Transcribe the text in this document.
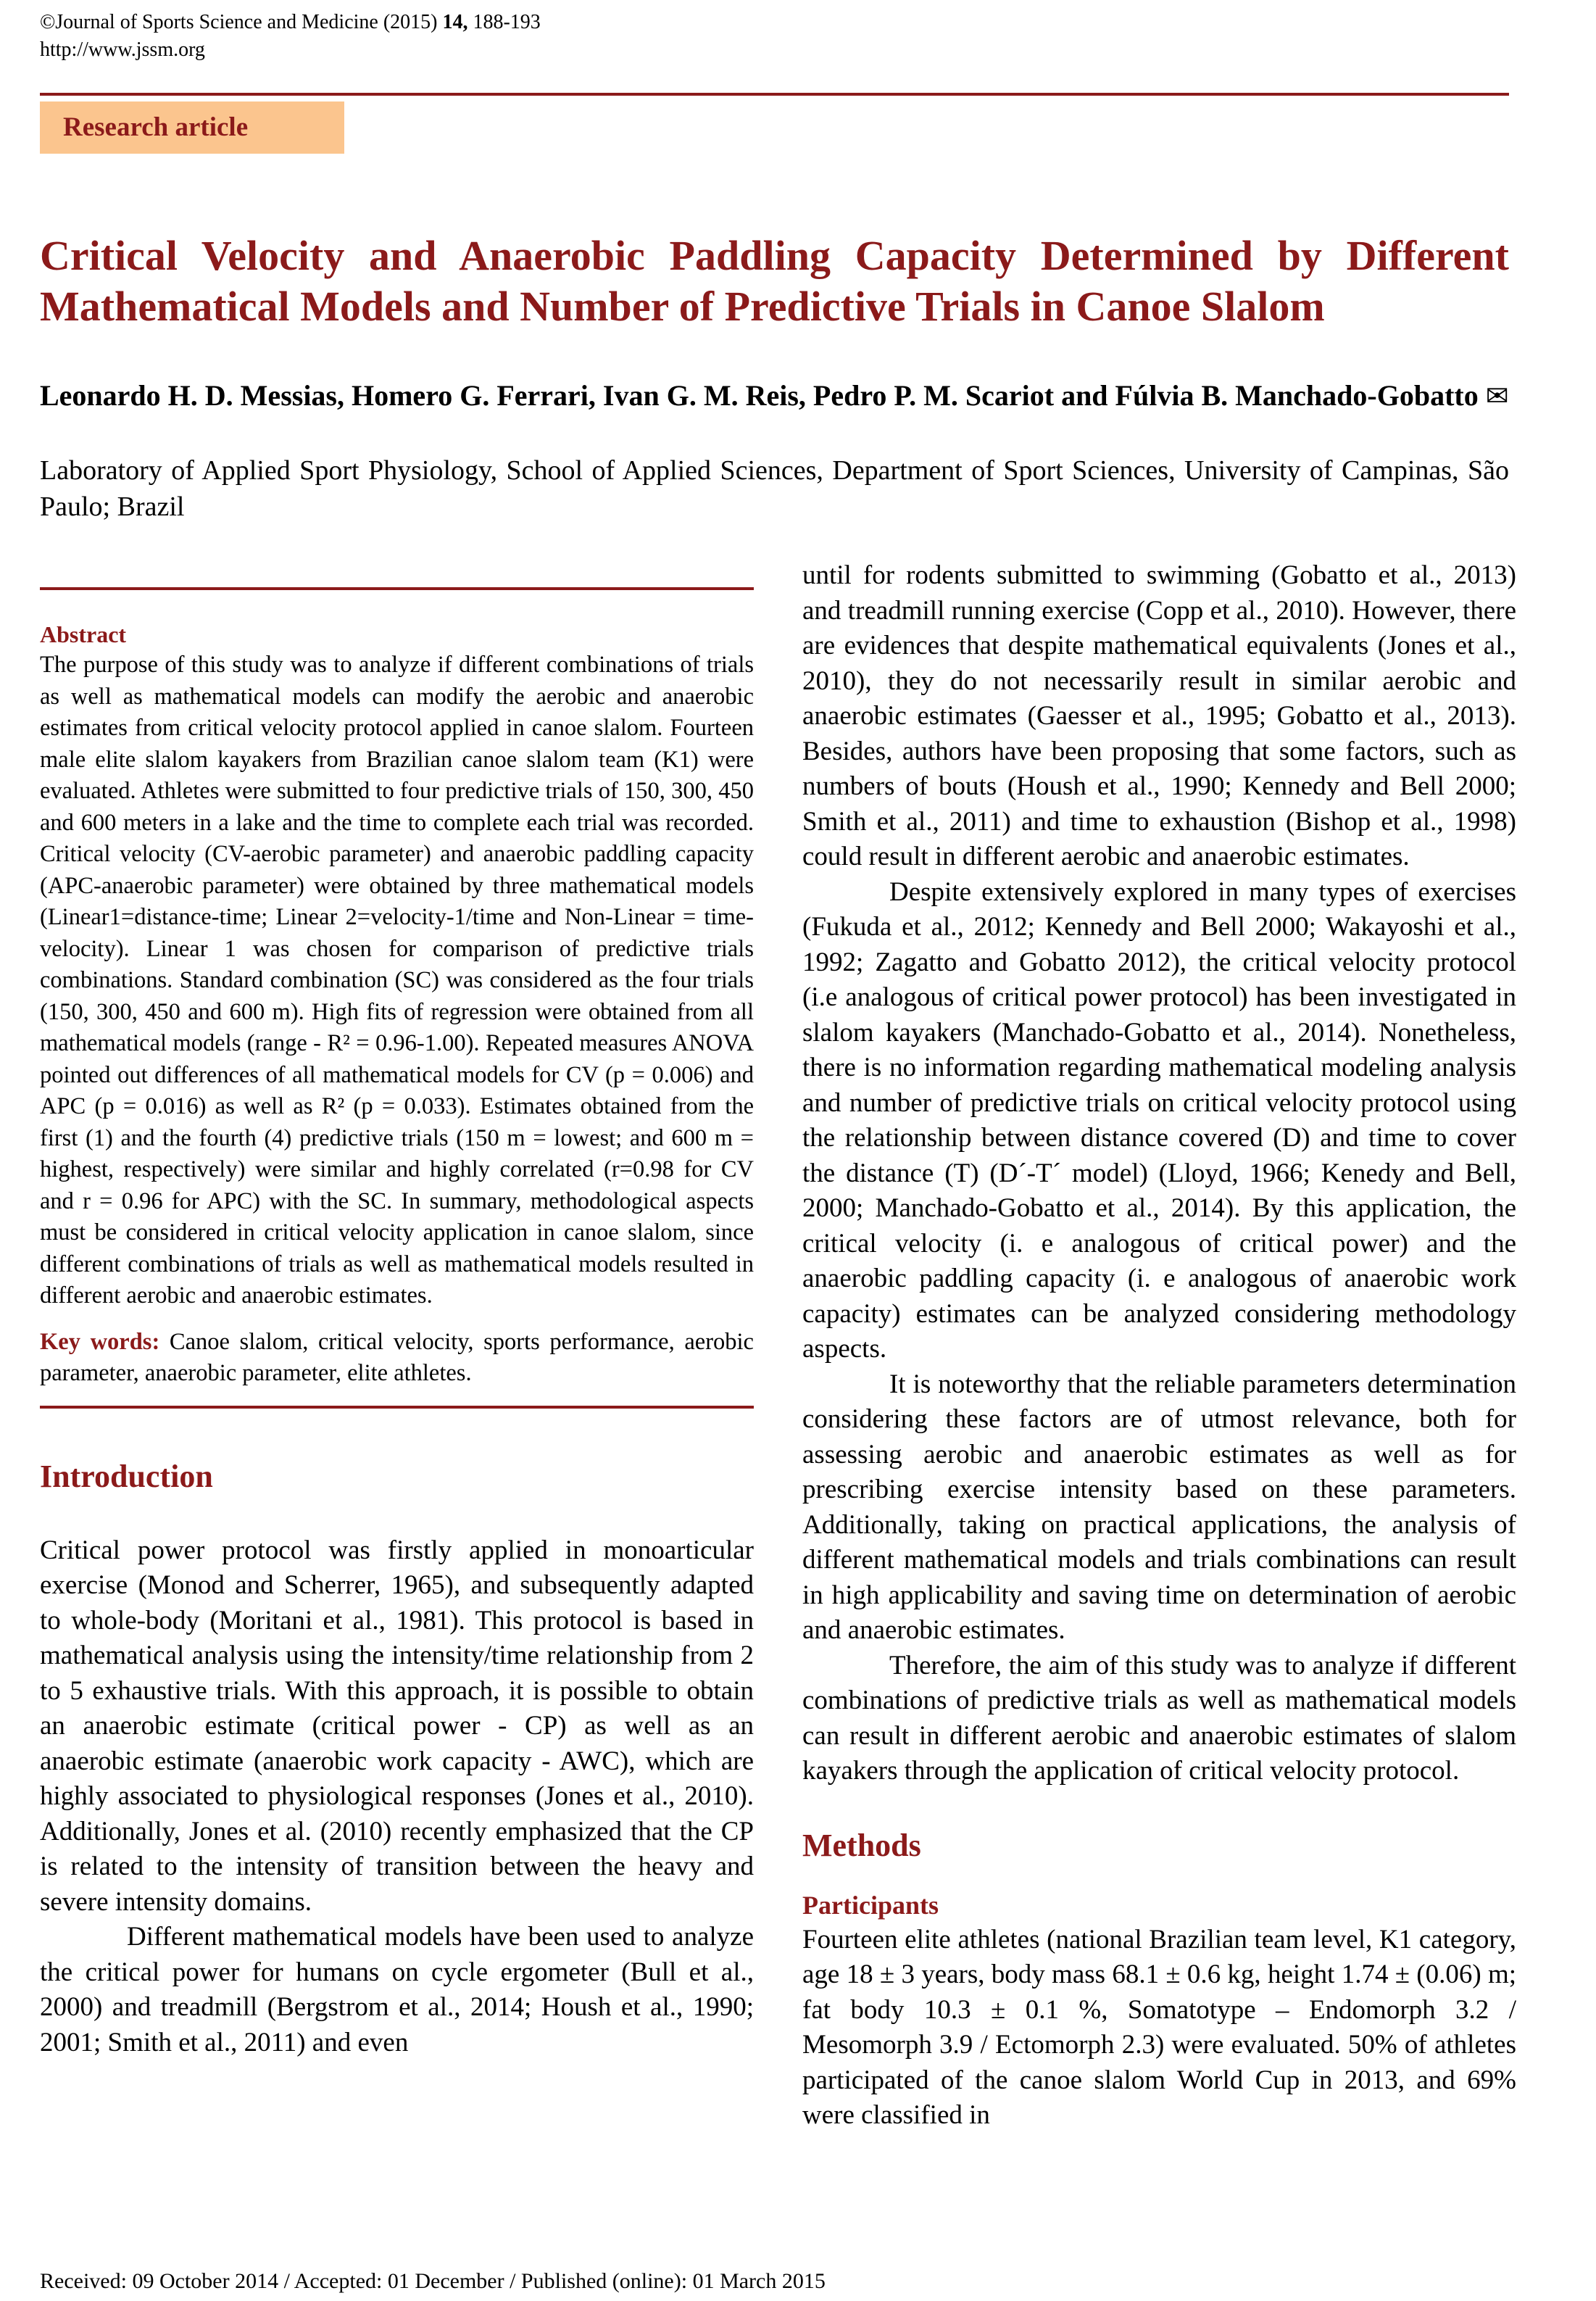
©Journal of Sports Science and Medicine (2015) 14, 188-193
http://www.jssm.org
Research article
Critical Velocity and Anaerobic Paddling Capacity Determined by Different Mathematical Models and Number of Predictive Trials in Canoe Slalom
Leonardo H. D. Messias, Homero G. Ferrari, Ivan G. M. Reis, Pedro P. M. Scariot and Fúlvia B. Manchado-Gobatto ✉
Laboratory of Applied Sport Physiology, School of Applied Sciences, Department of Sport Sciences, University of Campinas, São Paulo; Brazil
Abstract

The purpose of this study was to analyze if different combinations of trials as well as mathematical models can modify the aerobic and anaerobic estimates from critical velocity protocol applied in canoe slalom. Fourteen male elite slalom kayakers from Brazilian canoe slalom team (K1) were evaluated. Athletes were submitted to four predictive trials of 150, 300, 450 and 600 meters in a lake and the time to complete each trial was recorded. Critical velocity (CV-aerobic parameter) and anaerobic paddling capacity (APC-anaerobic parameter) were obtained by three mathematical models (Linear1=distance-time; Linear 2=velocity-1/time and Non-Linear = time-velocity). Linear 1 was chosen for comparison of predictive trials combinations. Standard combination (SC) was considered as the four trials (150, 300, 450 and 600 m). High fits of regression were obtained from all mathematical models (range - R² = 0.96-1.00). Repeated measures ANOVA pointed out differences of all mathematical models for CV (p = 0.006) and APC (p = 0.016) as well as R² (p = 0.033). Estimates obtained from the first (1) and the fourth (4) predictive trials (150 m = lowest; and 600 m = highest, respectively) were similar and highly correlated (r=0.98 for CV and r = 0.96 for APC) with the SC. In summary, methodological aspects must be considered in critical velocity application in canoe slalom, since different combinations of trials as well as mathematical models resulted in different aerobic and anaerobic estimates.

Key words: Canoe slalom, critical velocity, sports performance, aerobic parameter, anaerobic parameter, elite athletes.

Introduction

Critical power protocol was firstly applied in monoarticular exercise (Monod and Scherrer, 1965), and subsequently adapted to whole-body (Moritani et al., 1981). This protocol is based in mathematical analysis using the intensity/time relationship from 2 to 5 exhaustive trials. With this approach, it is possible to obtain an anaerobic estimate (critical power - CP) as well as an anaerobic estimate (anaerobic work capacity - AWC), which are highly associated to physiological responses (Jones et al., 2010). Additionally, Jones et al. (2010) recently emphasized that the CP is related to the intensity of transition between the heavy and severe intensity domains.

Different mathematical models have been used to analyze the critical power for humans on cycle ergometer (Bull et al., 2000) and treadmill (Bergstrom et al., 2014; Housh et al., 1990; 2001; Smith et al., 2011) and even

until for rodents submitted to swimming (Gobatto et al., 2013) and treadmill running exercise (Copp et al., 2010). However, there are evidences that despite mathematical equivalents (Jones et al., 2010), they do not necessarily result in similar aerobic and anaerobic estimates (Gaesser et al., 1995; Gobatto et al., 2013). Besides, authors have been proposing that some factors, such as numbers of bouts (Housh et al., 1990; Kennedy and Bell 2000; Smith et al., 2011) and time to exhaustion (Bishop et al., 1998) could result in different aerobic and anaerobic estimates.

Despite extensively explored in many types of exercises (Fukuda et al., 2012; Kennedy and Bell 2000; Wakayoshi et al., 1992; Zagatto and Gobatto 2012), the critical velocity protocol (i.e analogous of critical power protocol) has been investigated in slalom kayakers (Manchado-Gobatto et al., 2014). Nonetheless, there is no information regarding mathematical modeling analysis and number of predictive trials on critical velocity protocol using the relationship between distance covered (D) and time to cover the distance (T) (D´-T´ model) (Lloyd, 1966; Kenedy and Bell, 2000; Manchado-Gobatto et al., 2014). By this application, the critical velocity (i. e analogous of critical power) and the anaerobic paddling capacity (i. e analogous of anaerobic work capacity) estimates can be analyzed considering methodology aspects.

It is noteworthy that the reliable parameters determination considering these factors are of utmost relevance, both for assessing aerobic and anaerobic estimates as well as for prescribing exercise intensity based on these parameters. Additionally, taking on practical applications, the analysis of different mathematical models and trials combinations can result in high applicability and saving time on determination of aerobic and anaerobic estimates.

Therefore, the aim of this study was to analyze if different combinations of predictive trials as well as mathematical models can result in different aerobic and anaerobic estimates of slalom kayakers through the application of critical velocity protocol.

Methods
Participants

Fourteen elite athletes (national Brazilian team level, K1 category, age 18 ± 3 years, body mass 68.1 ± 0.6 kg, height 1.74 ± (0.06) m; fat body 10.3 ± 0.1 %, Somatotype – Endomorph 3.2 / Mesomorph 3.9 / Ectomorph 2.3) were evaluated. 50% of athletes participated of the canoe slalom World Cup in 2013, and 69% were classified in

Received: 09 October 2014 / Accepted: 01 December / Published (online): 01 March 2015
